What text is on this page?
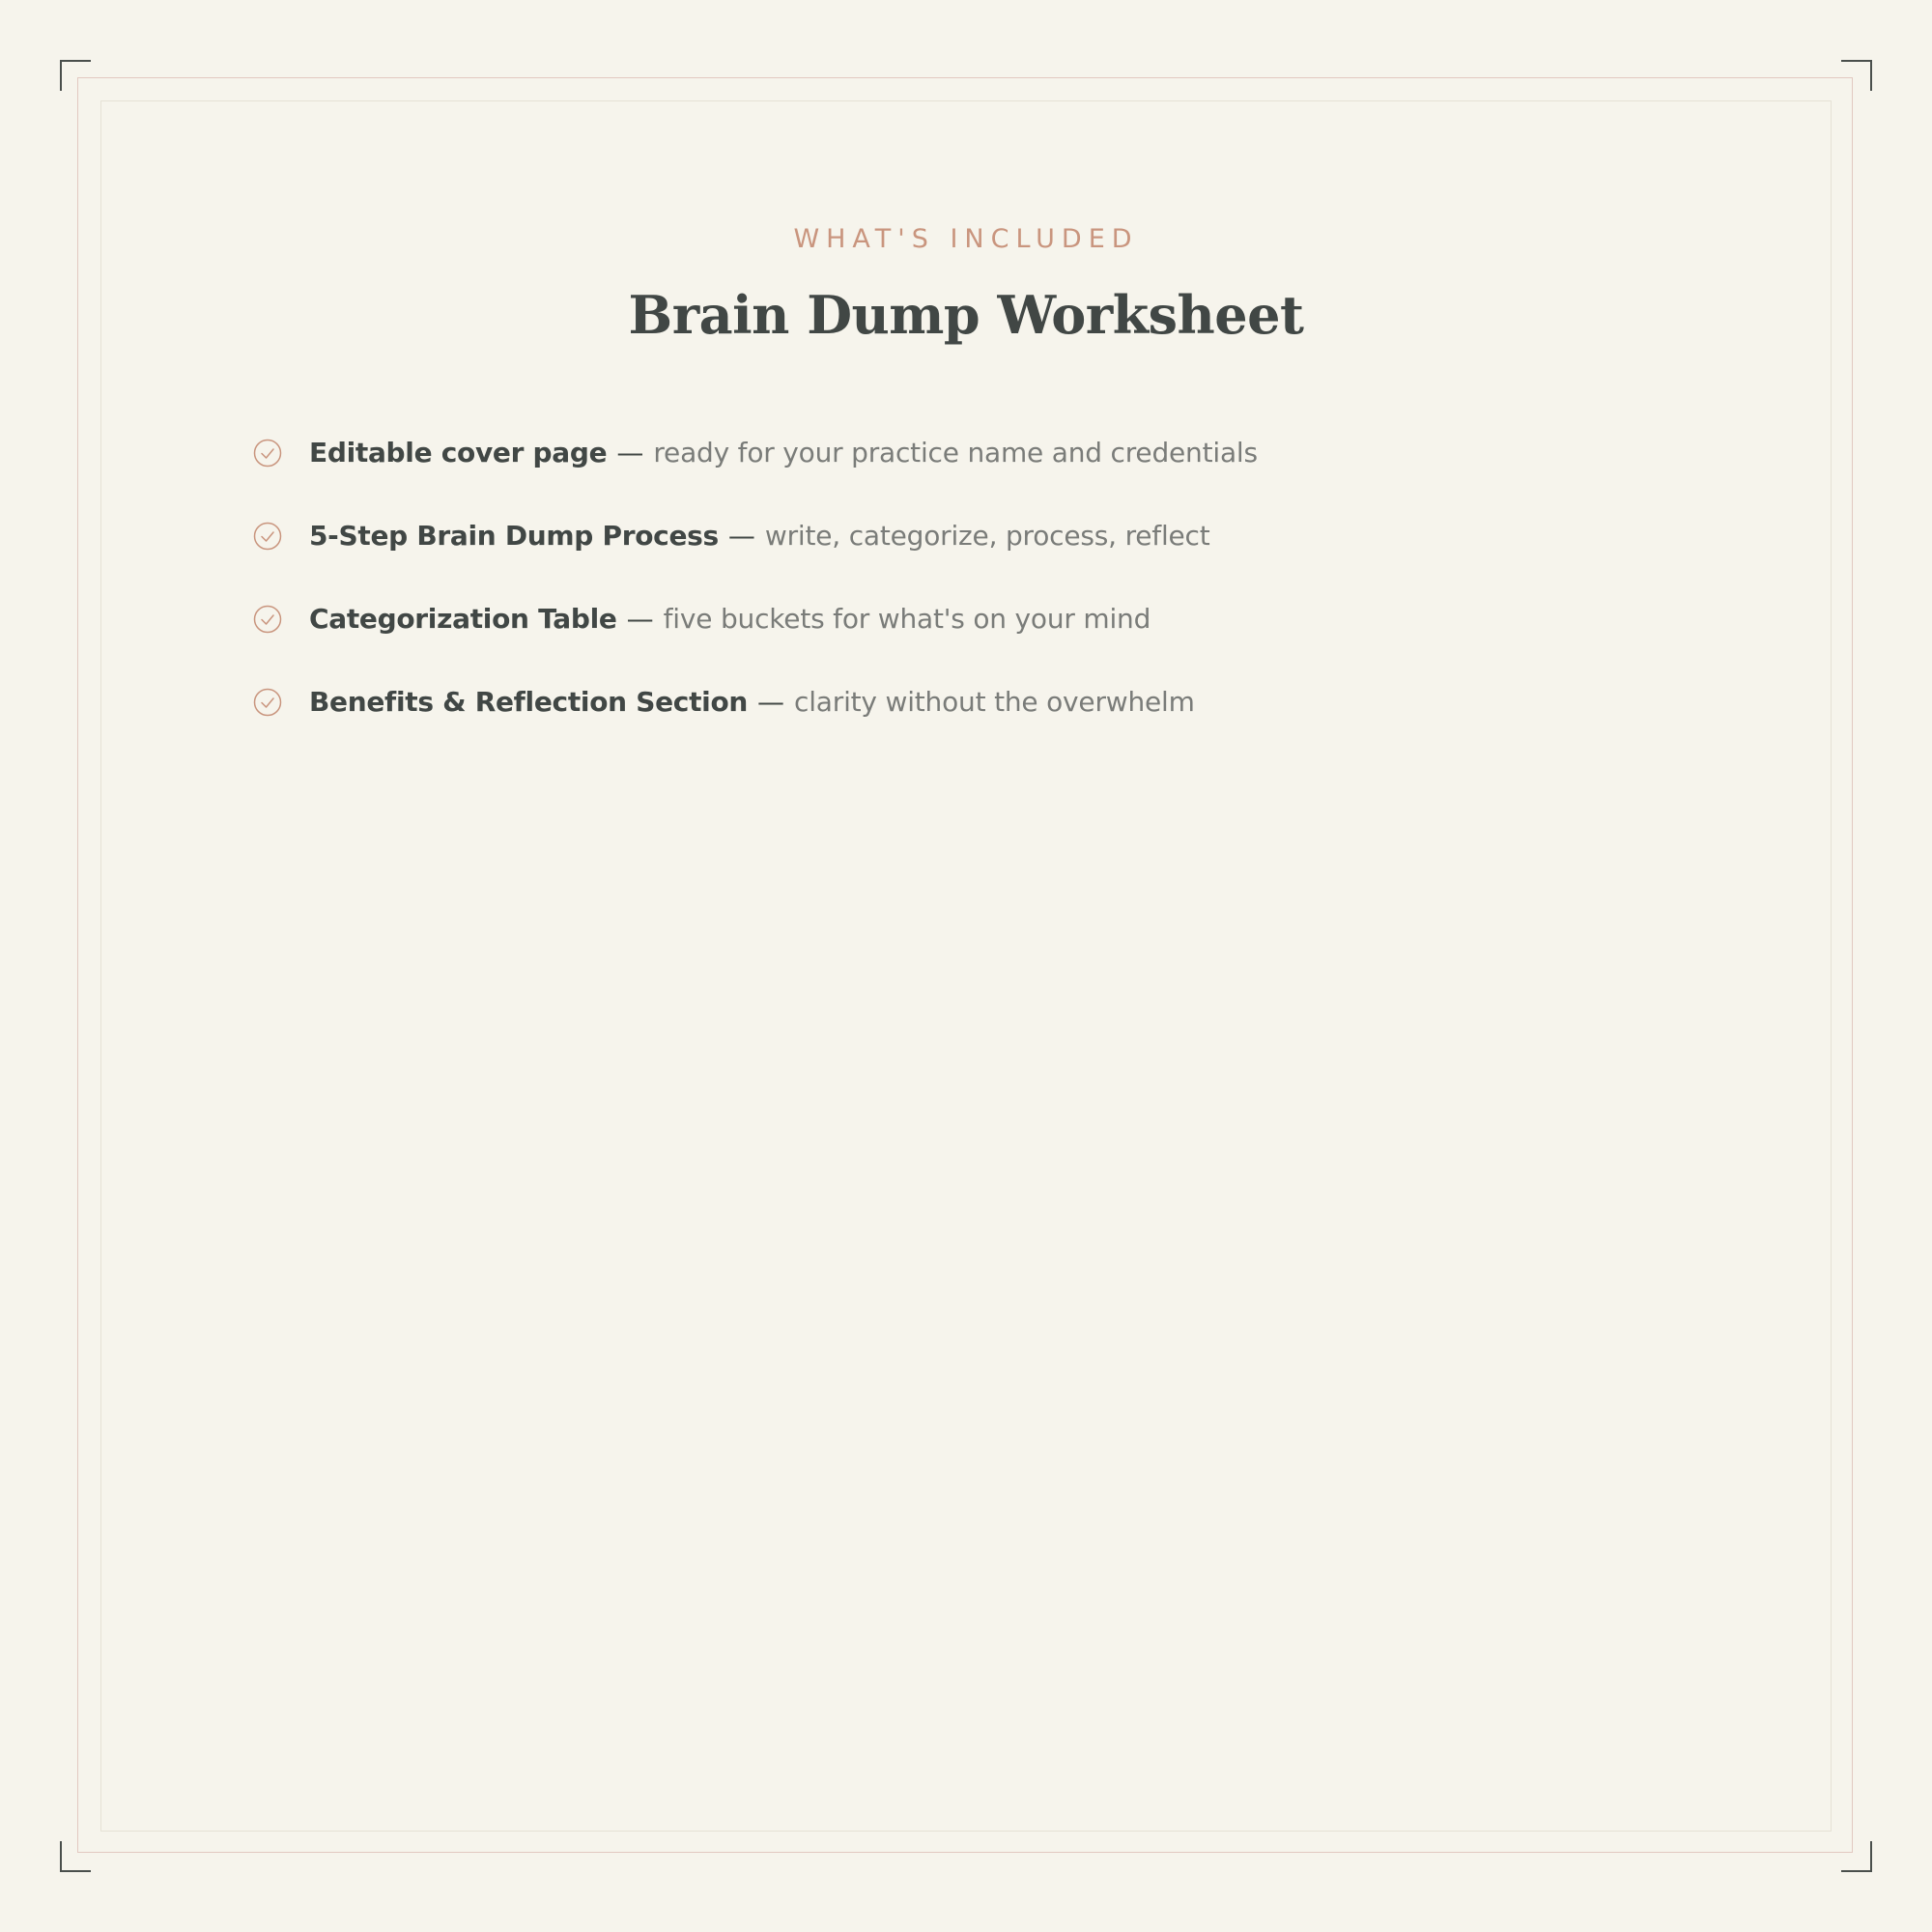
WHAT'S INCLUDED
Brain Dump Worksheet
Editable cover page — ready for your practice name and credentials
5-Step Brain Dump Process — write, categorize, process, reflect
Categorization Table — five buckets for what's on your mind
Benefits & Reflection Section — clarity without the overwhelm
